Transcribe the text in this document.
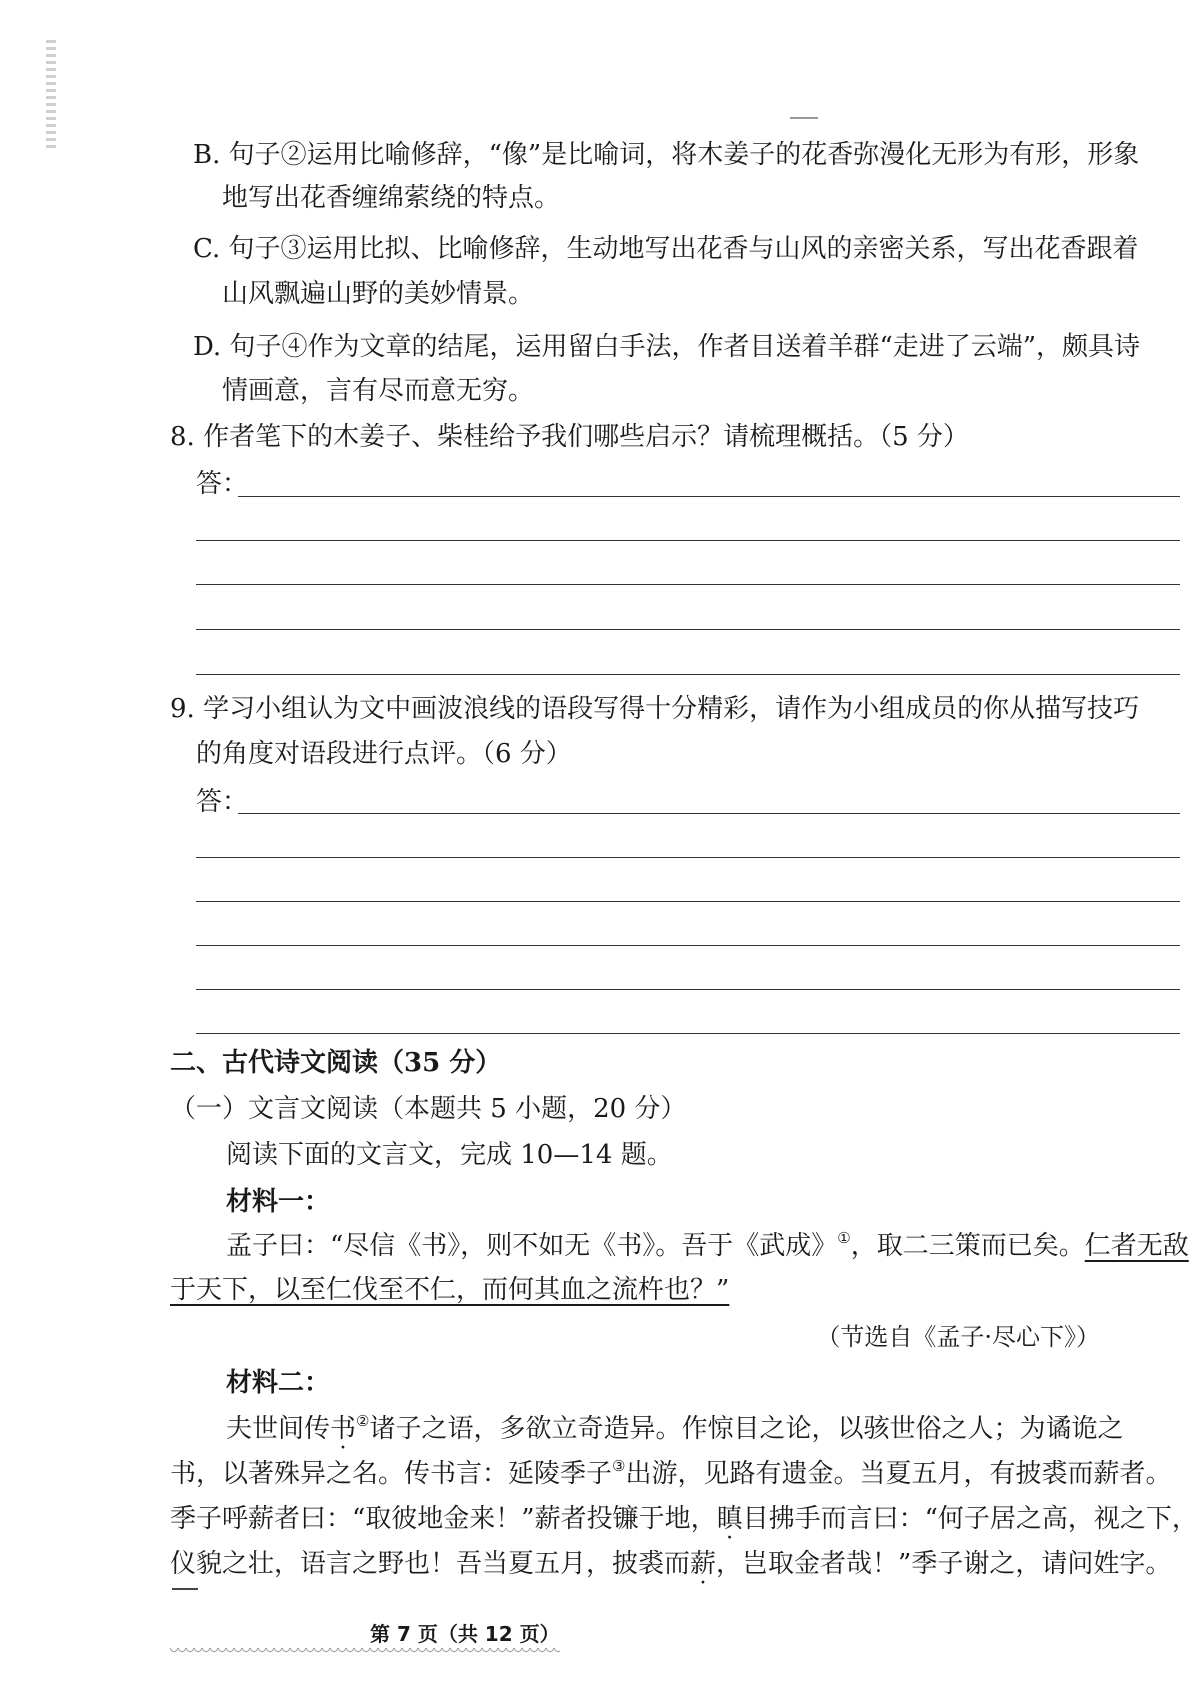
B. 句子②运用比喻修辞，“像”是比喻词，将木姜子的花香弥漫化无形为有形，形象
地写出花香缠绵萦绕的特点。
C. 句子③运用比拟、比喻修辞，生动地写出花香与山风的亲密关系，写出花香跟着
山风飘遍山野的美妙情景。
D. 句子④作为文章的结尾，运用留白手法，作者目送着羊群“走进了云端”，颇具诗
情画意，言有尽而意无穷。
8. 作者笔下的木姜子、柴桂给予我们哪些启示？请梳理概括。（5 分）
答：
9. 学习小组认为文中画波浪线的语段写得十分精彩，请作为小组成员的你从描写技巧
的角度对语段进行点评。（6 分）
答：
二、古代诗文阅读（35 分）
（一）文言文阅读（本题共 5 小题，20 分）
阅读下面的文言文，完成 10—14 题。
材料一：
孟子曰：“尽信《书》，则不如无《书》。吾于《武成》①，取二三策而已矣。仁者无敌
于天下，以至仁伐至不仁，而何其血之流杵也？”
（节选自《孟子·尽心下》）
材料二：
夫世间传书②诸子之语，多欲立奇造异。作惊目之论，以骇世俗之人；为谲诡之
书，以著殊异之名。传书言：延陵季子③出游，见路有遗金。当夏五月，有披裘而薪者。
季子呼薪者曰：“取彼地金来！”薪者投镰于地，瞋目拂手而言曰：“何子居之高，视之下，
仪貌之壮，语言之野也！吾当夏五月，披裘而薪，岂取金者哉！”季子谢之，请问姓字。
第 7 页（共 12 页）
